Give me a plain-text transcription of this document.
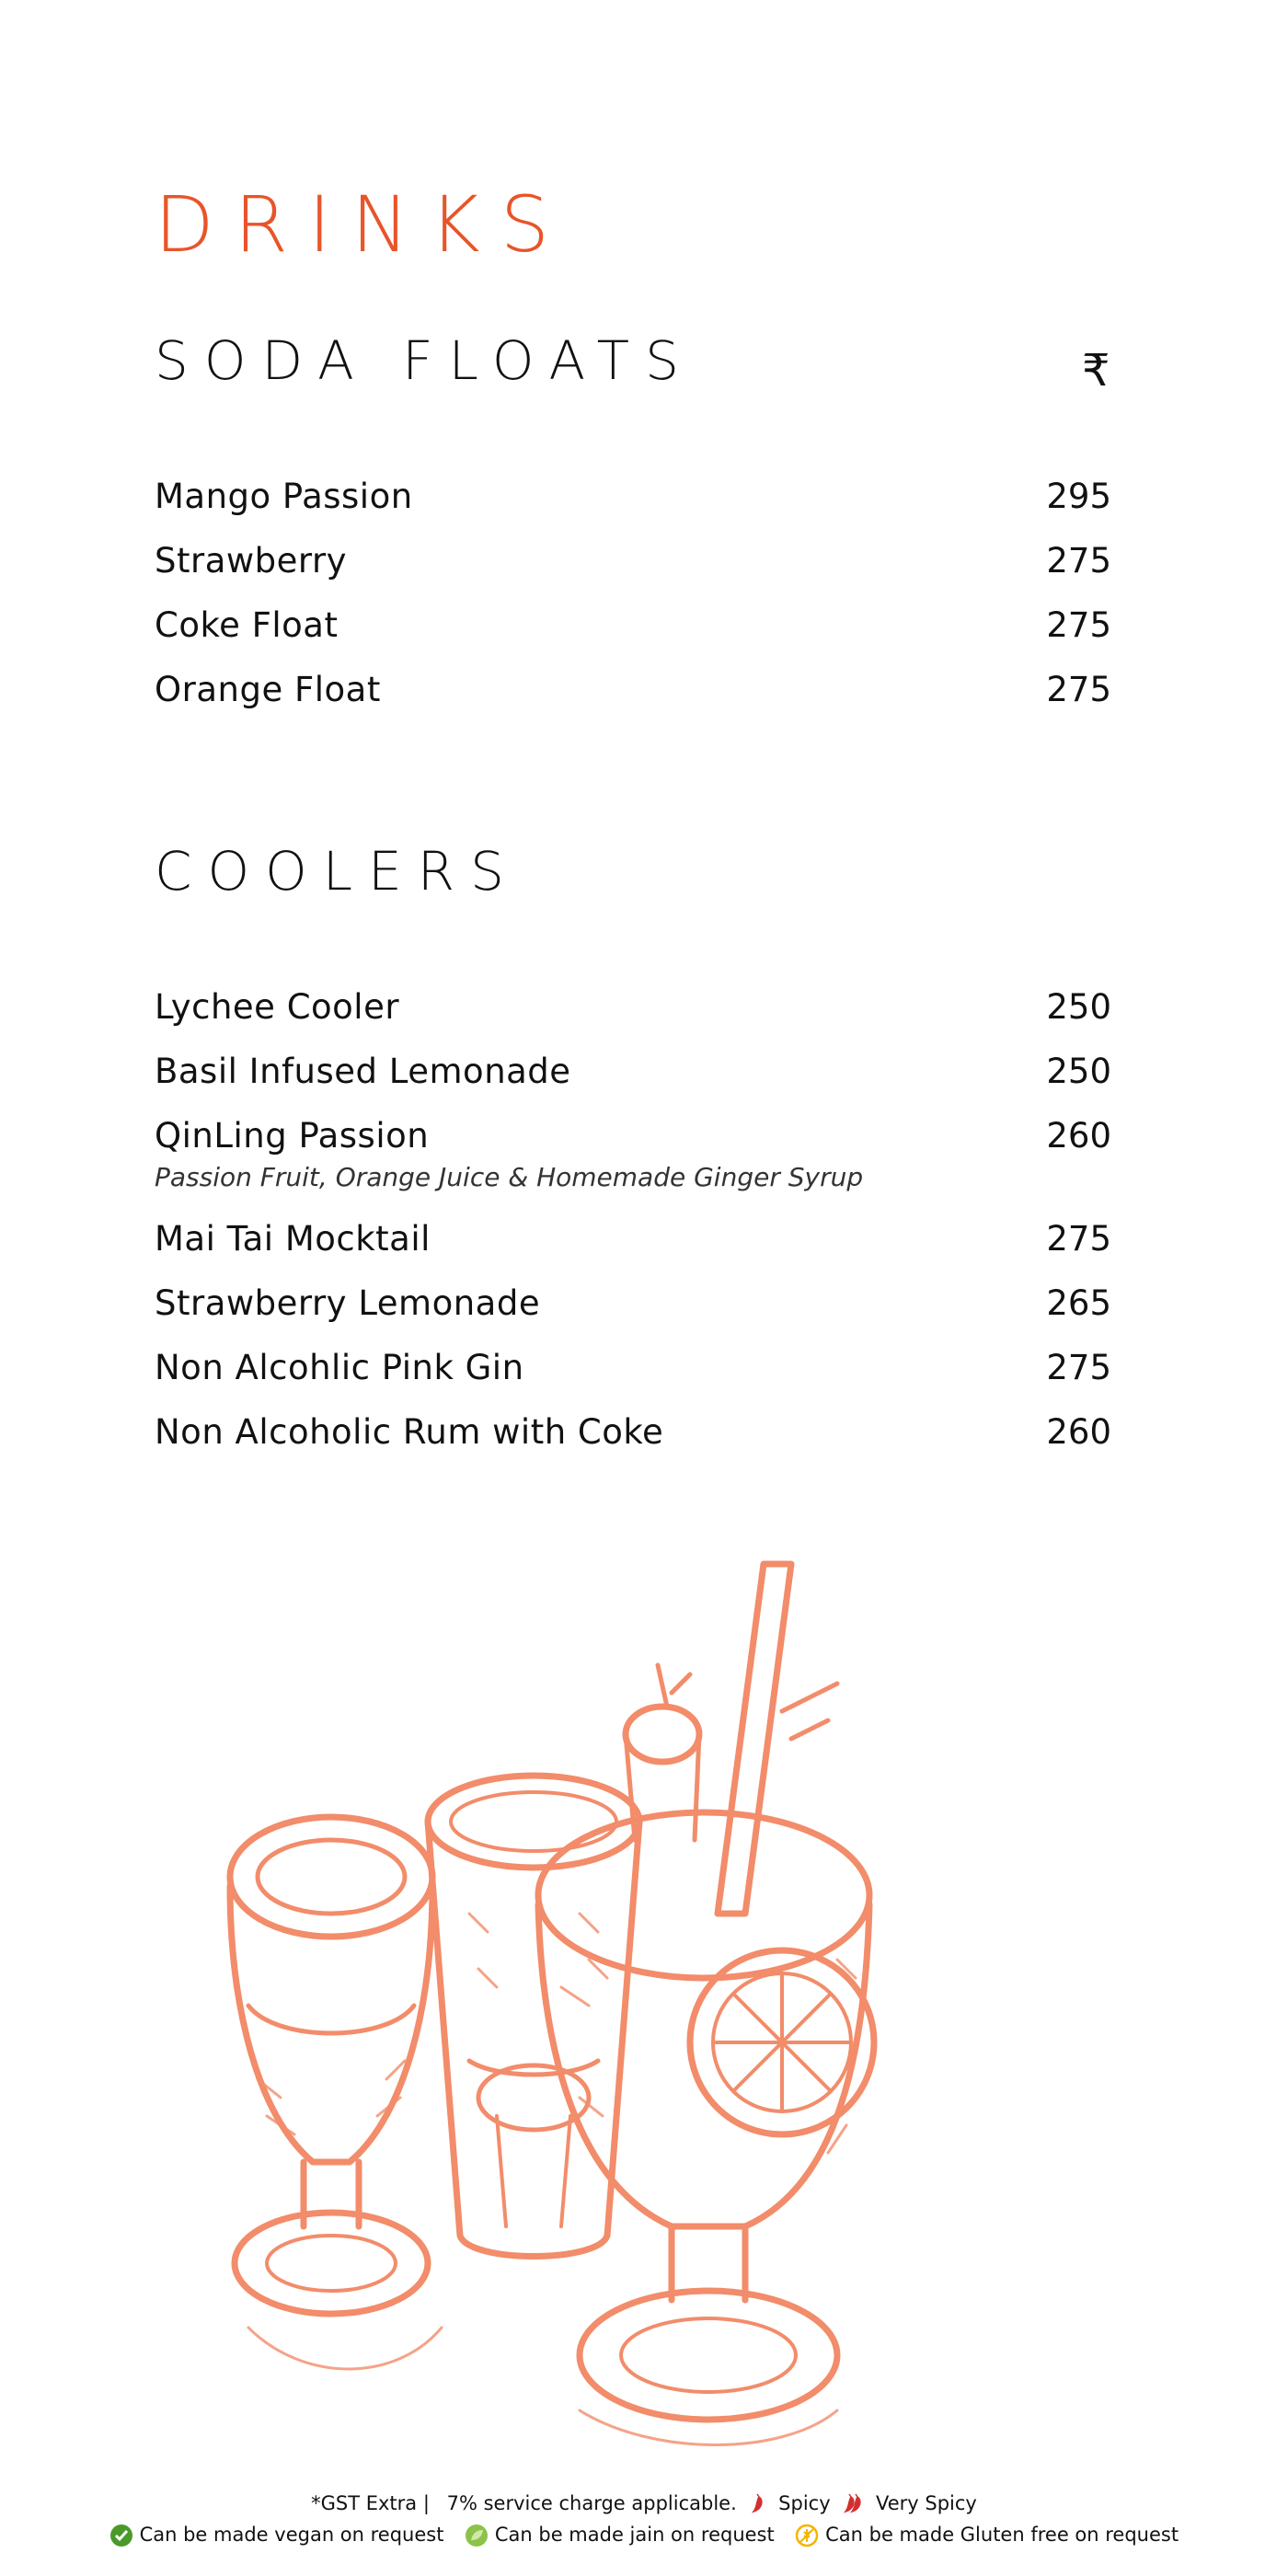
DRINKS
SODA FLOATS	₹
Mango Passion	295
Strawberry	275
Coke Float	275
Orange Float	275
COOLERS
Lychee Cooler	250
Basil Infused Lemonade	250
QinLing Passion	260
Passion Fruit, Orange Juice & Homemade Ginger Syrup
Mai Tai Mocktail	275
Strawberry Lemonade	265
Non Alcohlic Pink Gin	275
Non Alcoholic Rum with Coke	260
*GST Extra | 7% service charge applicable. Spicy Very Spicy
Can be made vegan on request	Can be made jain on request	Can be made Gluten free on request
